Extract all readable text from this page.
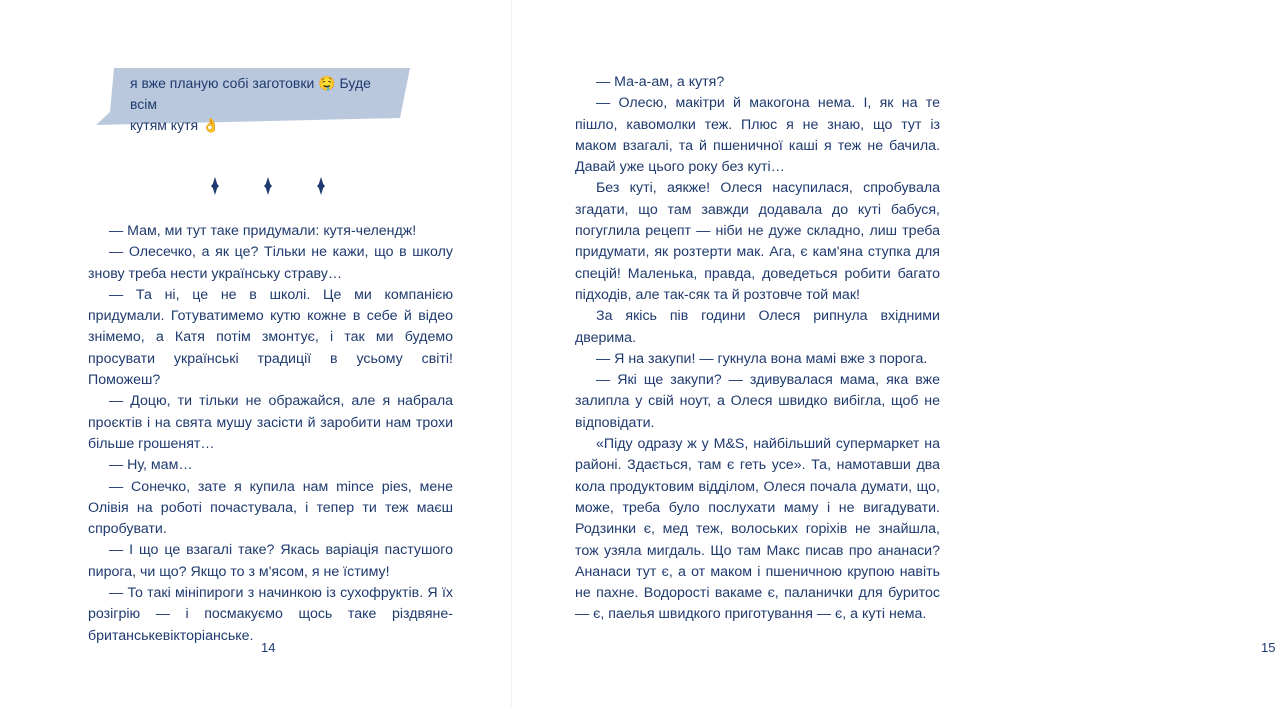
я вже планую собі заготовки 🤤 Буде всім
кутям кутя 👌

— Мам, ми тут таке придумали: кутя-челендж!

— Олесечко, а як це? Тільки не кажи, що в школу знову треба нести українську страву…

— Та ні, це не в школі. Це ми компанією придумали. Готуватимемо кутю кожне в себе й відео знімемо, а Катя потім змонтує, і так ми будемо просувати українські традиції в усьому світі! Поможеш?

— Доцю, ти тільки не ображайся, але я набрала проєктів і на свята мушу засісти й заробити нам трохи більше грошенят…

— Ну, мам…

— Сонечко, зате я купила нам mince pies, мене Олівія на роботі почастувала, і тепер ти теж маєш спробувати.

— І що це взагалі таке? Якась варіація пастушого пирога, чи що? Якщо то з м'ясом, я не їстиму!

— То такі мініпироги з начинкою із сухофруктів. Я їх розігрію — і посмакуємо щось таке різдвяне-британськевікторіанське.

14	15

— Ма-а-ам, а кутя?

— Олесю, макітри й макогона нема. І, як на те пішло, кавомолки теж. Плюс я не знаю, що тут із маком взагалі, та й пшеничної каші я теж не бачила. Давай уже цього року без куті…

Без куті, аякже! Олеся насупилася, спробувала згадати, що там завжди додавала до куті бабуся, погуглила рецепт — ніби не дуже складно, лиш треба придумати, як розтерти мак. Ага, є кам'яна ступка для спецій! Маленька, правда, доведеться робити багато підходів, але так-сяк та й розтовче той мак!

За якісь пів години Олеся рипнула вхідними дверима.

— Я на закупи! — гукнула вона мамі вже з порога.

— Які ще закупи? — здивувалася мама, яка вже залипла у свій ноут, а Олеся швидко вибігла, щоб не відповідати.

«Піду одразу ж у M&S, найбільший супермаркет на районі. Здається, там є геть усе». Та, намотавши два кола продуктовим відділом, Олеся почала думати, що, може, треба було послухати маму і не вигадувати. Родзинки є, мед теж, волоських горіхів не знайшла, тож узяла мигдаль. Що там Макс писав про ананаси? Ананаси тут є, а от маком і пшеничною крупою навіть не пахне. Водорості вакаме є, паланички для буритос — є, паелья швидкого приготування — є, а куті нема.
